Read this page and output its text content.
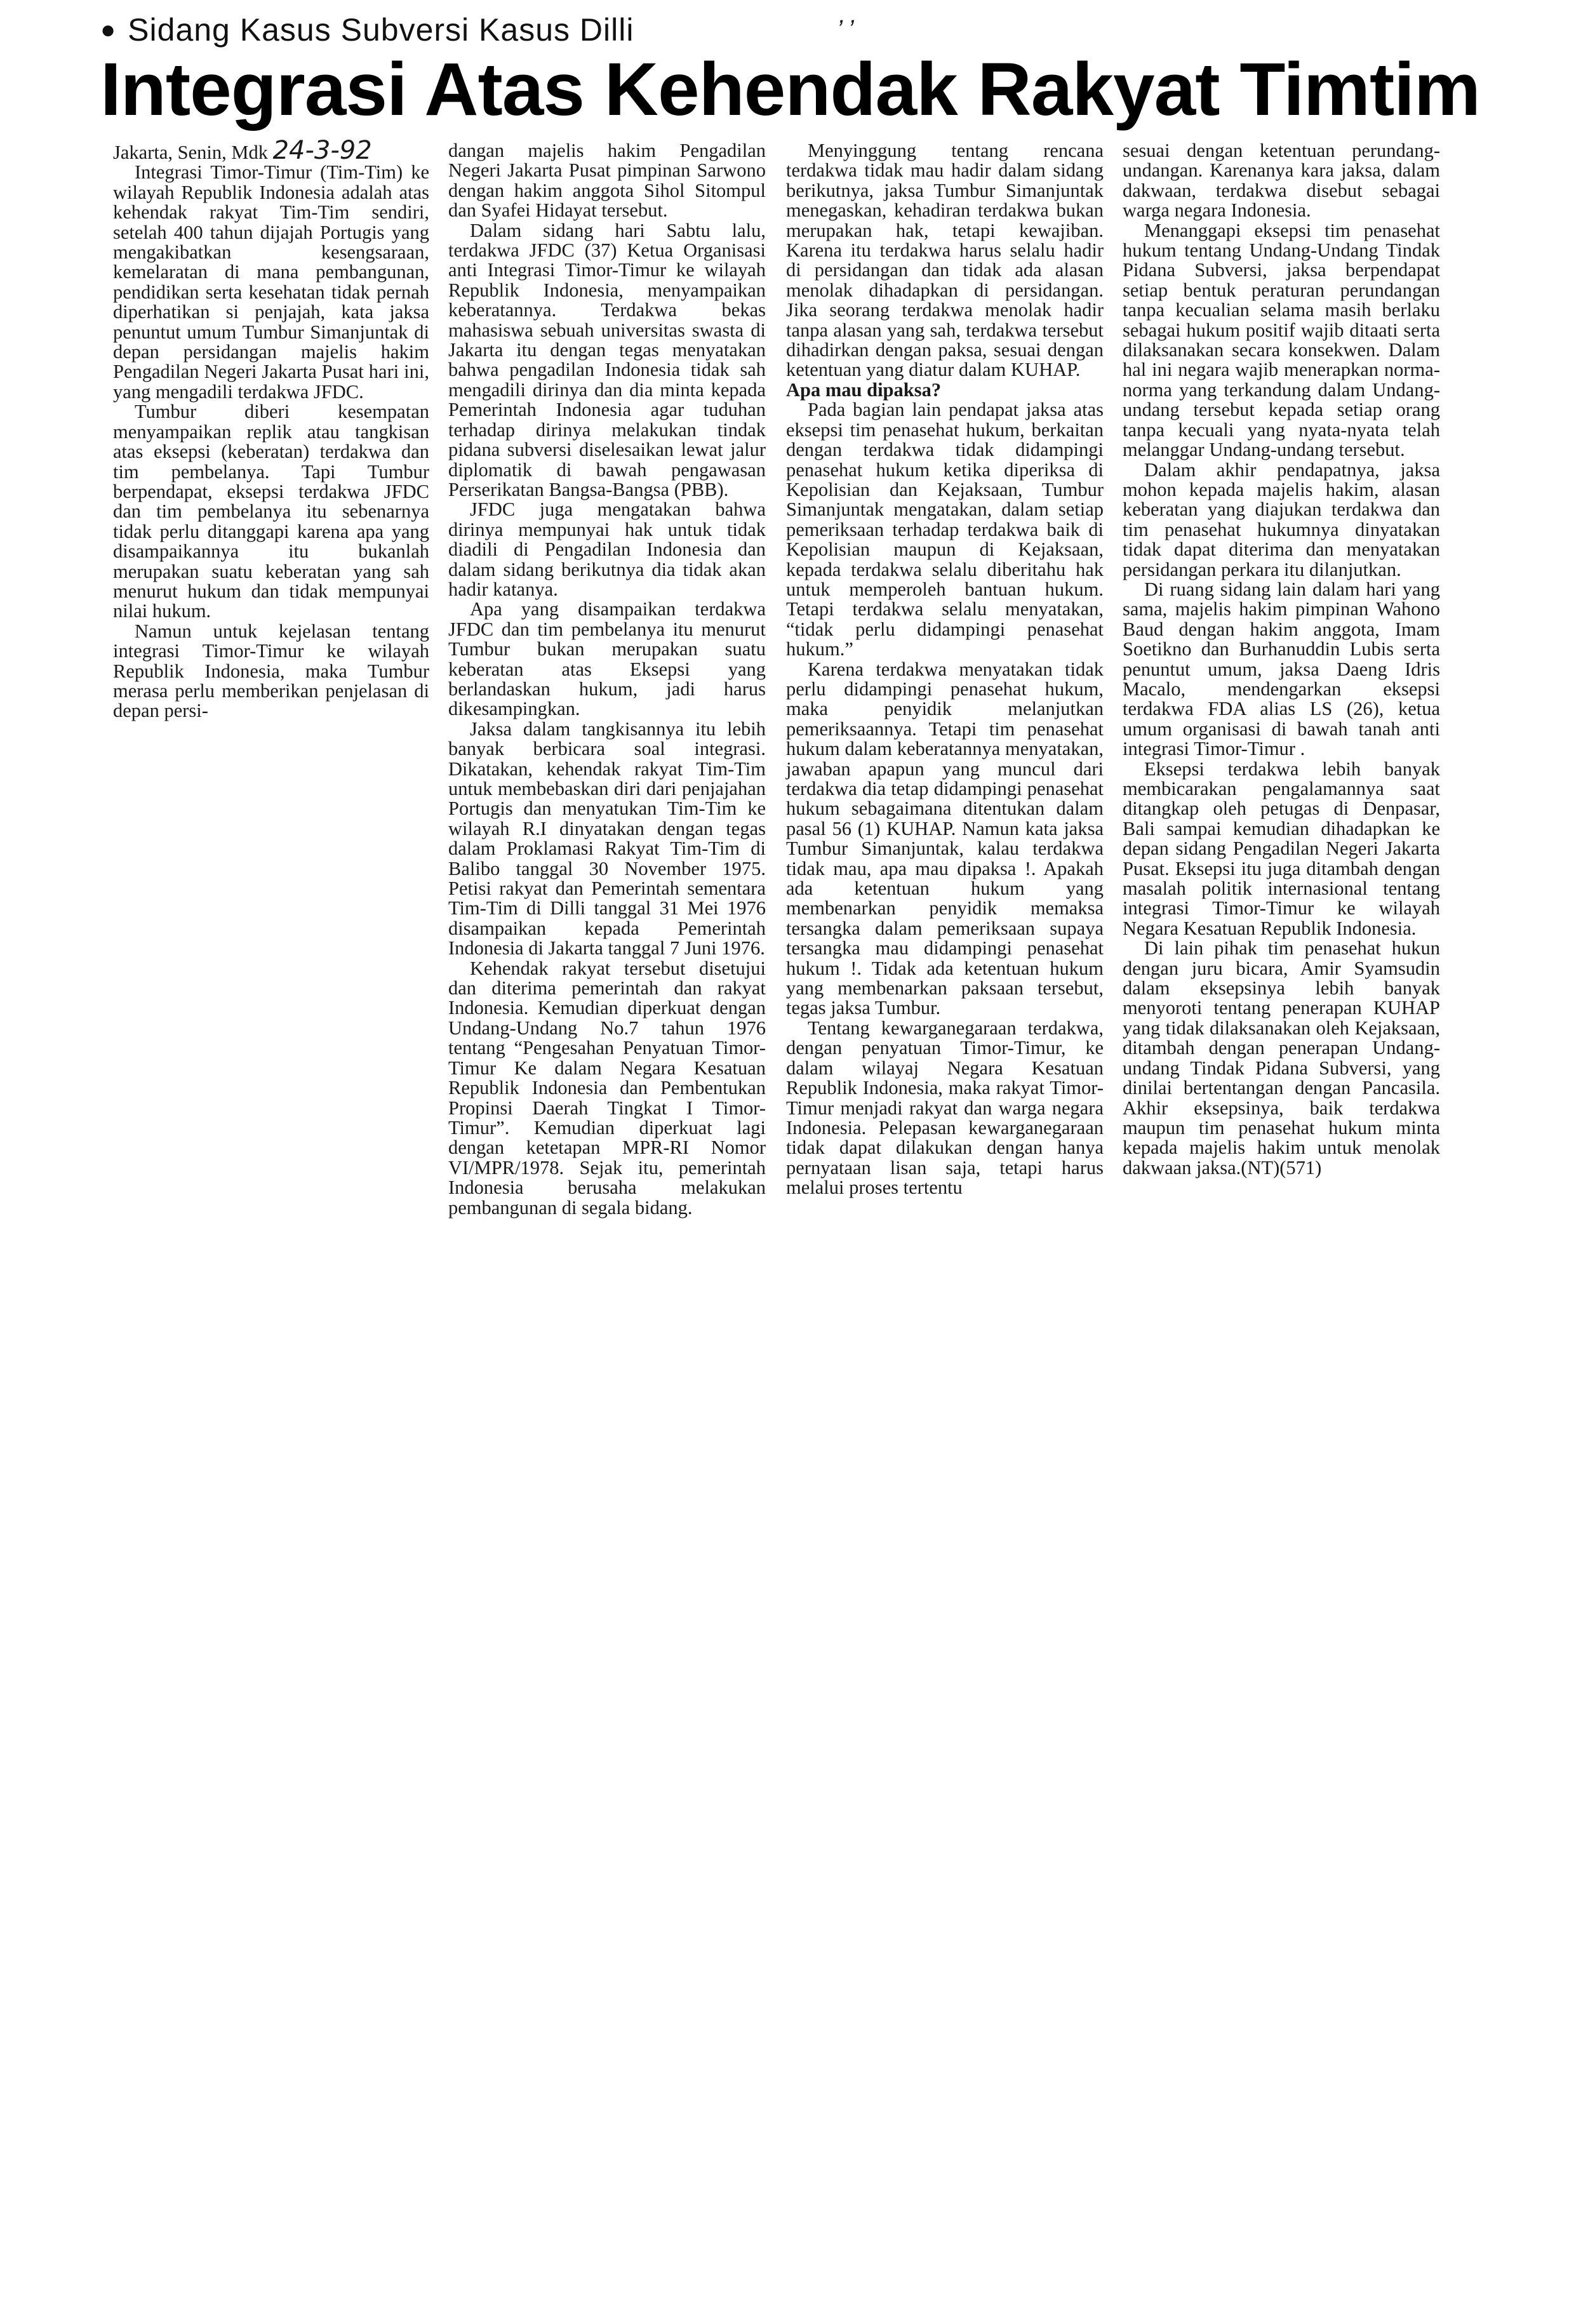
● Sidang Kasus Subversi Kasus Dilli	’ ’
Integrasi Atas Kehendak Rakyat Timtim

Jakarta, Senin, Mdk 24-3-92

Integrasi Timor-Timur (Tim-Tim) ke wilayah Republik Indonesia adalah atas kehendak rakyat Tim-Tim sendiri, setelah 400 tahun dijajah Portugis yang mengakibatkan kesengsaraan, kemelaratan di mana pembangunan, pendidikan serta kesehatan tidak pernah diperhatikan si penjajah, kata jaksa penuntut umum Tumbur Simanjuntak di depan persidangan majelis hakim Pengadilan Negeri Jakarta Pusat hari ini, yang mengadili terdakwa JFDC.

Tumbur diberi kesempatan menyampaikan replik atau tangkisan atas eksepsi (keberatan) terdakwa dan tim pembelanya. Tapi Tumbur berpendapat, eksepsi terdakwa JFDC dan tim pembelanya itu sebenarnya tidak perlu ditanggapi karena apa yang disampaikannya itu bukanlah merupakan suatu keberatan yang sah menurut hukum dan tidak mempunyai nilai hukum.

Namun untuk kejelasan tentang integrasi Timor-Timur ke wilayah Republik Indonesia, maka Tumbur merasa perlu memberikan penjelasan di depan persi-

dangan majelis hakim Pengadilan Negeri Jakarta Pusat pimpinan Sarwono dengan hakim anggota Sihol Sitompul dan Syafei Hidayat tersebut.

Dalam sidang hari Sabtu lalu, terdakwa JFDC (37) Ketua Organisasi anti Integrasi Timor-Timur ke wilayah Republik Indonesia, menyampaikan keberatannya. Terdakwa bekas mahasiswa sebuah universitas swasta di Jakarta itu dengan tegas menyatakan bahwa pengadilan Indonesia tidak sah mengadili dirinya dan dia minta kepada Pemerintah Indonesia agar tuduhan terhadap dirinya melakukan tindak pidana subversi diselesaikan lewat jalur diplomatik di bawah pengawasan Perserikatan Bangsa-Bangsa (PBB).

JFDC juga mengatakan bahwa dirinya mempunyai hak untuk tidak diadili di Pengadilan Indonesia dan dalam sidang berikutnya dia tidak akan hadir katanya.

Apa yang disampaikan terdakwa JFDC dan tim pembelanya itu menurut Tumbur bukan merupakan suatu keberatan atas Eksepsi yang berlandaskan hukum, jadi harus dikesampingkan.

Jaksa dalam tangkisannya itu lebih banyak berbicara soal integrasi. Dikatakan, kehendak rakyat Tim-Tim untuk membebaskan diri dari penjajahan Portugis dan menyatukan Tim-Tim ke wilayah R.I dinyatakan dengan tegas dalam Proklamasi Rakyat Tim-Tim di Balibo tanggal 30 November 1975. Petisi rakyat dan Pemerintah sementara Tim-Tim di Dilli tanggal 31 Mei 1976 disampaikan kepada Pemerintah Indonesia di Jakarta tanggal 7 Juni 1976.

Kehendak rakyat tersebut disetujui dan diterima pemerintah dan rakyat Indonesia. Kemudian diperkuat dengan Undang-Undang No.7 tahun 1976 tentang “Pengesahan Penyatuan Timor-Timur Ke dalam Negara Kesatuan Republik Indonesia dan Pembentukan Propinsi Daerah Tingkat I Timor-Timur”. Kemudian diperkuat lagi dengan ketetapan MPR-RI Nomor VI/MPR/1978. Sejak itu, pemerintah Indonesia berusaha melakukan pembangunan di segala bidang.

Menyinggung tentang rencana terdakwa tidak mau hadir dalam sidang berikutnya, jaksa Tumbur Simanjuntak menegaskan, kehadiran terdakwa bukan merupakan hak, tetapi kewajiban. Karena itu terdakwa harus selalu hadir di persidangan dan tidak ada alasan menolak dihadapkan di persidangan. Jika seorang terdakwa menolak hadir tanpa alasan yang sah, terdakwa tersebut dihadirkan dengan paksa, sesuai dengan ketentuan yang diatur dalam KUHAP.

Apa mau dipaksa?

Pada bagian lain pendapat jaksa atas eksepsi tim penasehat hukum, berkaitan dengan terdakwa tidak didampingi penasehat hukum ketika diperiksa di Kepolisian dan Kejaksaan, Tumbur Simanjuntak mengatakan, dalam setiap pemeriksaan terhadap terdakwa baik di Kepolisian maupun di Kejaksaan, kepada terdakwa selalu diberitahu hak untuk memperoleh bantuan hukum. Tetapi terdakwa selalu menyatakan, “tidak perlu didampingi penasehat hukum.”

Karena terdakwa menyatakan tidak perlu didampingi penasehat hukum, maka penyidik melanjutkan pemeriksaannya. Tetapi tim penasehat hukum dalam keberatannya menyatakan, jawaban apapun yang muncul dari terdakwa dia tetap didampingi penasehat hukum sebagaimana ditentukan dalam pasal 56 (1) KUHAP. Namun kata jaksa Tumbur Simanjuntak, kalau terdakwa tidak mau, apa mau dipaksa !. Apakah ada ketentuan hukum yang membenarkan penyidik memaksa tersangka dalam pemeriksaan supaya tersangka mau didampingi penasehat hukum !. Tidak ada ketentuan hukum yang membenarkan paksaan tersebut, tegas jaksa Tumbur.

Tentang kewarganegaraan terdakwa, dengan penyatuan Timor-Timur, ke dalam wilayaj Negara Kesatuan Republik Indonesia, maka rakyat Timor-Timur menjadi rakyat dan warga negara Indonesia. Pelepasan kewarganegaraan tidak dapat dilakukan dengan hanya pernyataan lisan saja, tetapi harus melalui proses tertentu

sesuai dengan ketentuan perundang-undangan. Karenanya kara jaksa, dalam dakwaan, terdakwa disebut sebagai warga negara Indonesia.

Menanggapi eksepsi tim penasehat hukum tentang Undang-Undang Tindak Pidana Subversi, jaksa berpendapat setiap bentuk peraturan perundangan tanpa kecualian selama masih berlaku sebagai hukum positif wajib ditaati serta dilaksanakan secara konsekwen. Dalam hal ini negara wajib menerapkan norma-norma yang terkandung dalam Undang-undang tersebut kepada setiap orang tanpa kecuali yang nyata-nyata telah melanggar Undang-undang tersebut.

Dalam akhir pendapatnya, jaksa mohon kepada majelis hakim, alasan keberatan yang diajukan terdakwa dan tim penasehat hukumnya dinyatakan tidak dapat diterima dan menyatakan persidangan perkara itu dilanjutkan.

Di ruang sidang lain dalam hari yang sama, majelis hakim pimpinan Wahono Baud dengan hakim anggota, Imam Soetikno dan Burhanuddin Lubis serta penuntut umum, jaksa Daeng Idris Macalo, mendengarkan eksepsi terdakwa FDA alias LS (26), ketua umum organisasi di bawah tanah anti integrasi Timor-Timur .

Eksepsi terdakwa lebih banyak membicarakan pengalamannya saat ditangkap oleh petugas di Denpasar, Bali sampai kemudian dihadapkan ke depan sidang Pengadilan Negeri Jakarta Pusat. Eksepsi itu juga ditambah dengan masalah politik internasional tentang integrasi Timor-Timur ke wilayah Negara Kesatuan Republik Indonesia.

Di lain pihak tim penasehat hukun dengan juru bicara, Amir Syamsudin dalam eksepsinya lebih banyak menyoroti tentang penerapan KUHAP yang tidak dilaksanakan oleh Kejaksaan, ditambah dengan penerapan Undang-undang Tindak Pidana Subversi, yang dinilai bertentangan dengan Pancasila. Akhir eksepsinya, baik terdakwa maupun tim penasehat hukum minta kepada majelis hakim untuk menolak dakwaan jaksa.(NT)(571)
